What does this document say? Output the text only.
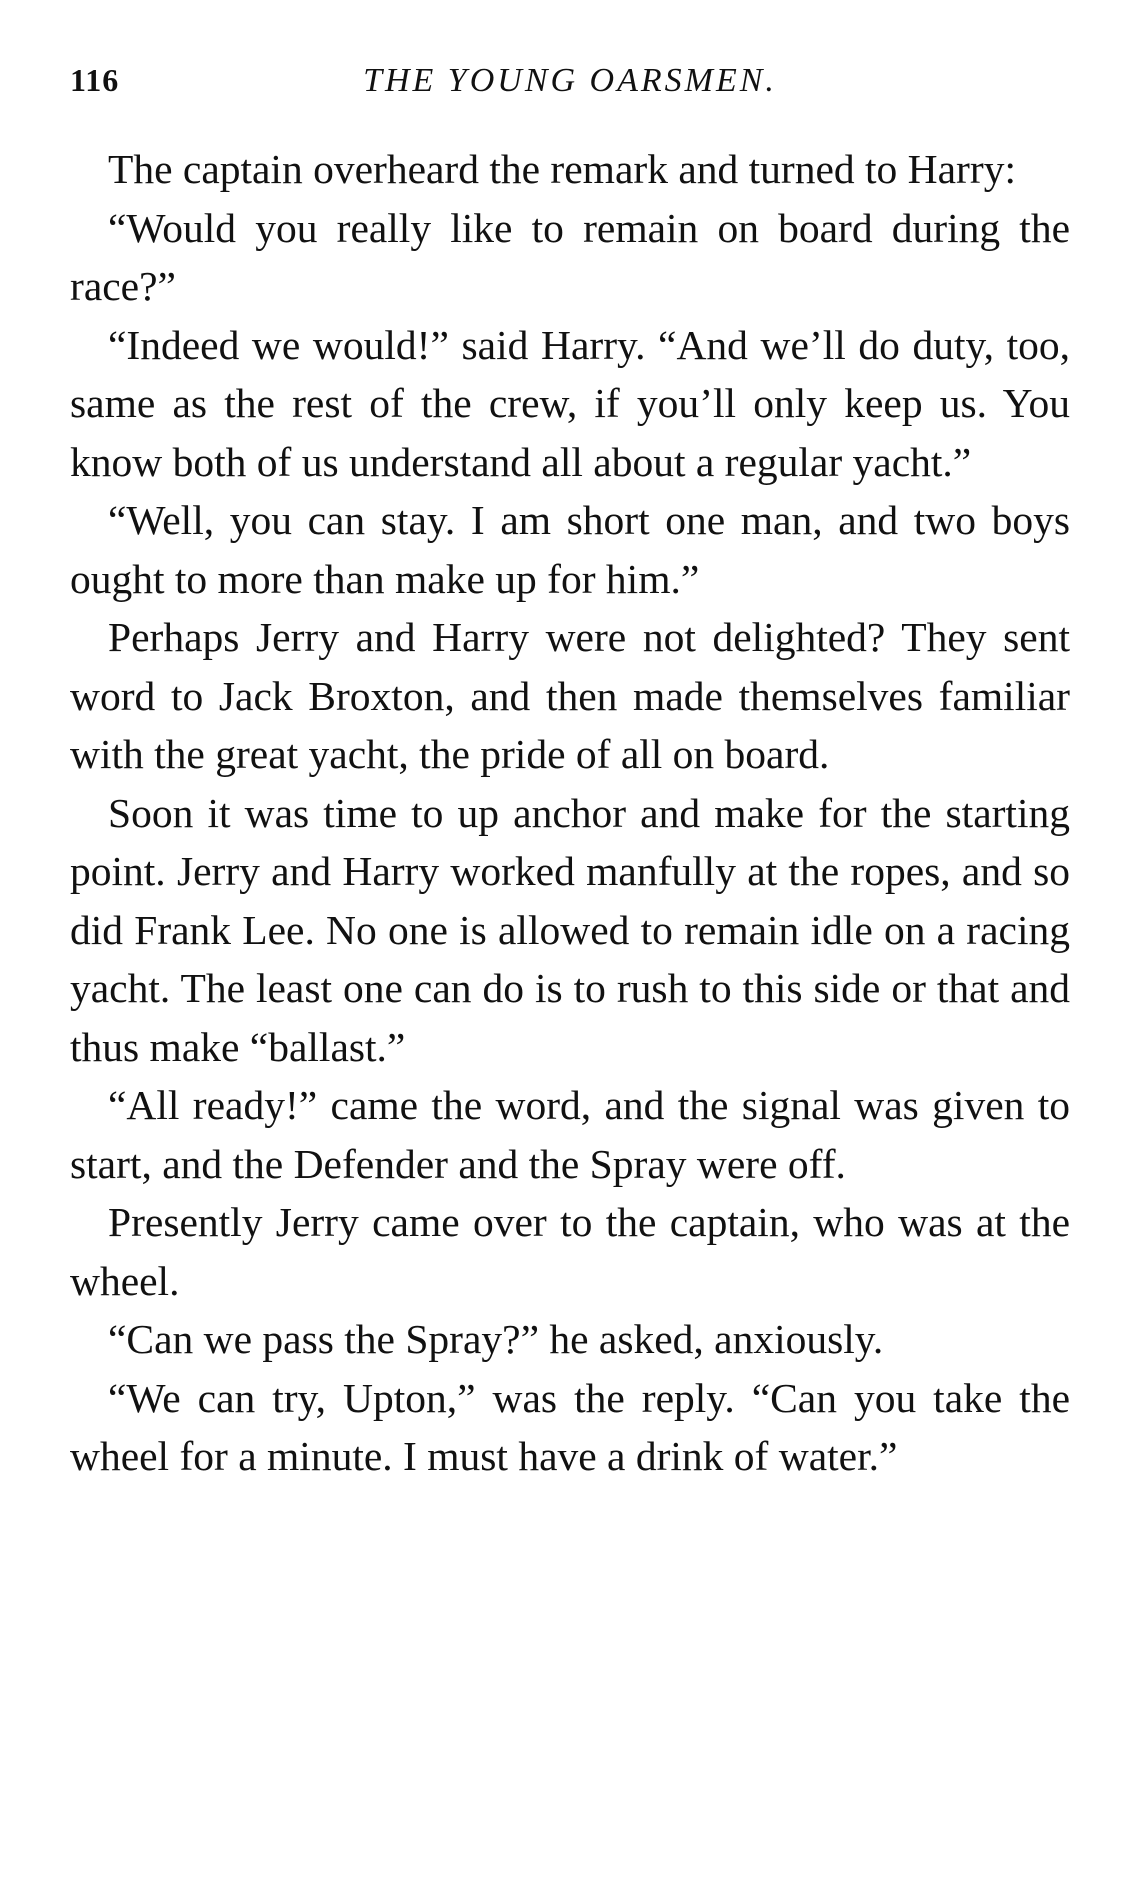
116	THE YOUNG OARSMEN.

The captain overheard the remark and turned to Harry:

“Would you really like to remain on board during the race?”

“Indeed we would!” said Harry. “And we’ll do duty, too, same as the rest of the crew, if you’ll only keep us. You know both of us understand all about a regular yacht.”

“Well, you can stay. I am short one man, and two boys ought to more than make up for him.”

Perhaps Jerry and Harry were not delighted? They sent word to Jack Broxton, and then made themselves familiar with the great yacht, the pride of all on board.

Soon it was time to up anchor and make for the starting point. Jerry and Harry worked manfully at the ropes, and so did Frank Lee. No one is allowed to remain idle on a racing yacht. The least one can do is to rush to this side or that and thus make “ballast.”

“All ready!” came the word, and the signal was given to start, and the Defender and the Spray were off.

Presently Jerry came over to the captain, who was at the wheel.

“Can we pass the Spray?” he asked, anxiously.

“We can try, Upton,” was the reply. “Can you take the wheel for a minute. I must have a drink of water.”
